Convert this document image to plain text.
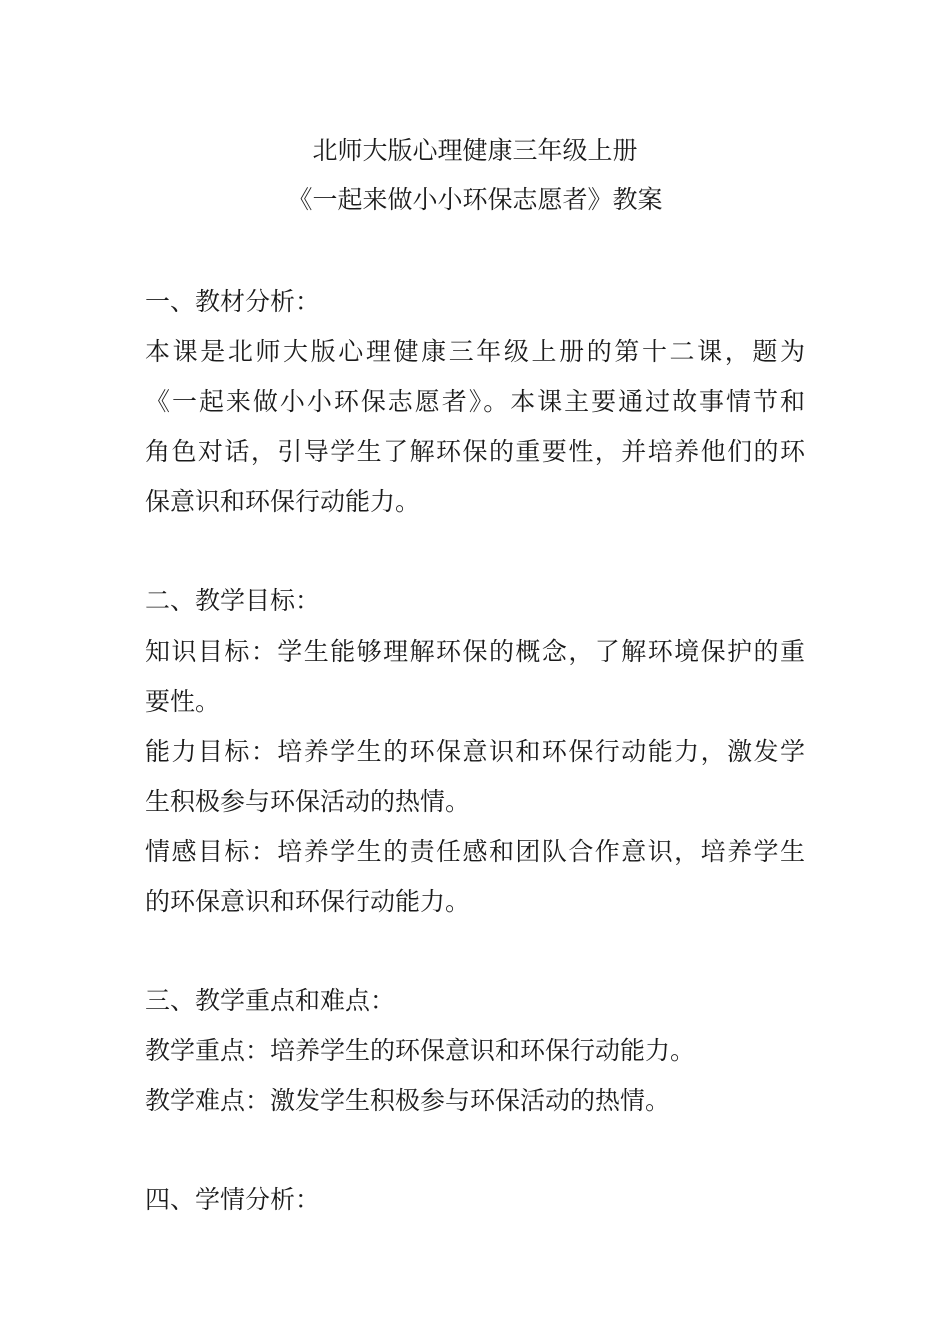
北师大版心理健康三年级上册
《一起来做小小环保志愿者》教案
一、教材分析：
本课是北师大版心理健康三年级上册的第十二课，题为
《一起来做小小环保志愿者》。本课主要通过故事情节和
角色对话，引导学生了解环保的重要性，并培养他们的环
保意识和环保行动能力。
二、教学目标：
知识目标：学生能够理解环保的概念，了解环境保护的重
要性。
能力目标：培养学生的环保意识和环保行动能力，激发学
生积极参与环保活动的热情。
情感目标：培养学生的责任感和团队合作意识，培养学生
的环保意识和环保行动能力。
三、教学重点和难点：
教学重点：培养学生的环保意识和环保行动能力。
教学难点：激发学生积极参与环保活动的热情。
四、学情分析：
